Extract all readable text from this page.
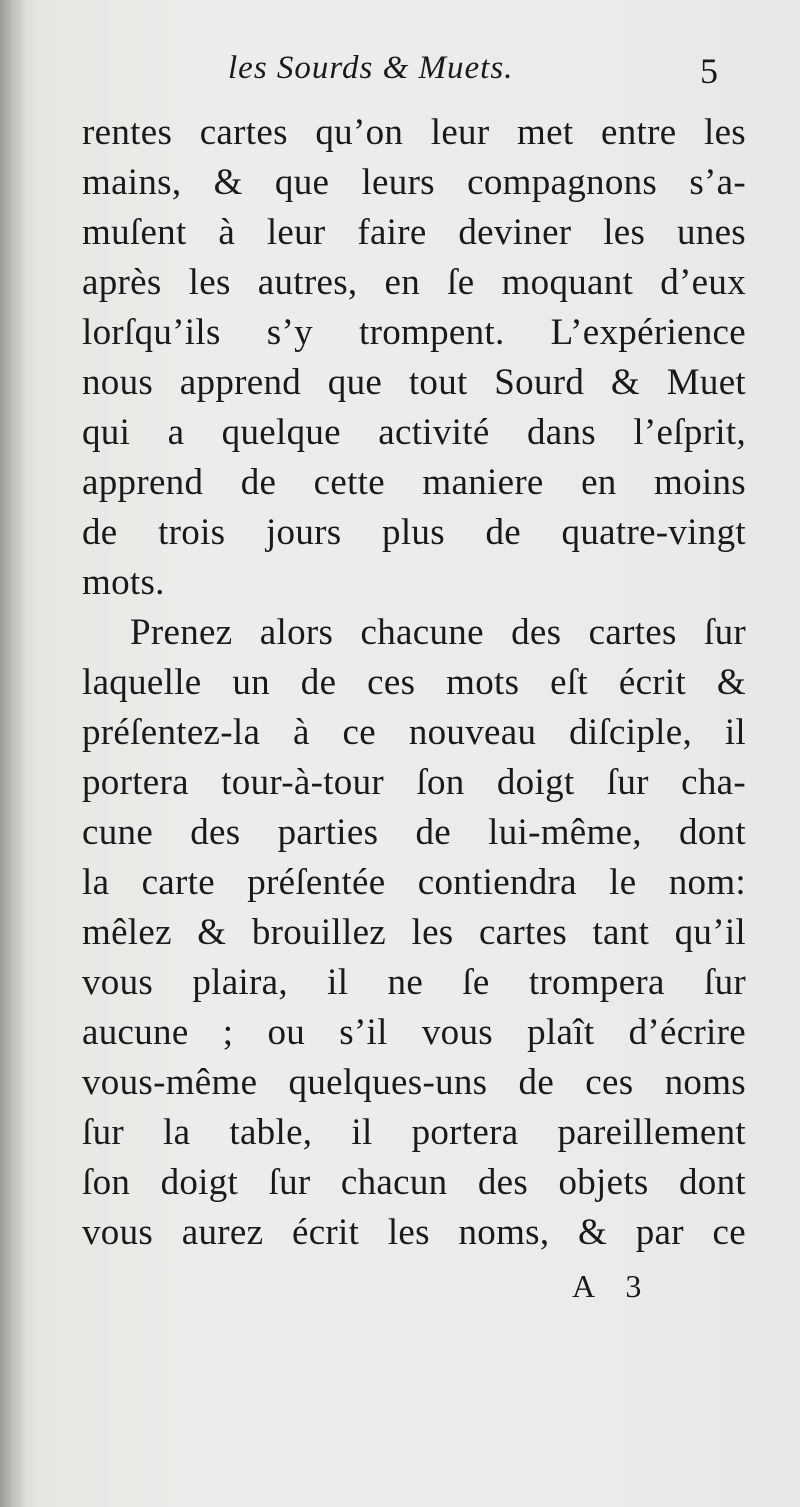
les Sourds & Muets.	5
rentes cartes qu’on leur met entre les
mains, & que leurs compagnons s’a-
muſent à leur faire deviner les unes
après les autres, en ſe moquant d’eux
lorſqu’ils s’y trompent. L’expérience
nous apprend que tout Sourd & Muet
qui a quelque activité dans l’eſprit,
apprend de cette maniere en moins
de trois jours plus de quatre-vingt
mots.
Prenez alors chacune des cartes ſur
laquelle un de ces mots eſt écrit &
préſentez-la à ce nouveau diſciple, il
portera tour-à-tour ſon doigt ſur cha-
cune des parties de lui-même, dont
la carte préſentée contiendra le nom:
mêlez & brouillez les cartes tant qu’il
vous plaira, il ne ſe trompera ſur
aucune ; ou s’il vous plaît d’écrire
vous-même quelques-uns de ces noms
ſur la table, il portera pareillement
ſon doigt ſur chacun des objets dont
vous aurez écrit les noms, & par ce
A 3
